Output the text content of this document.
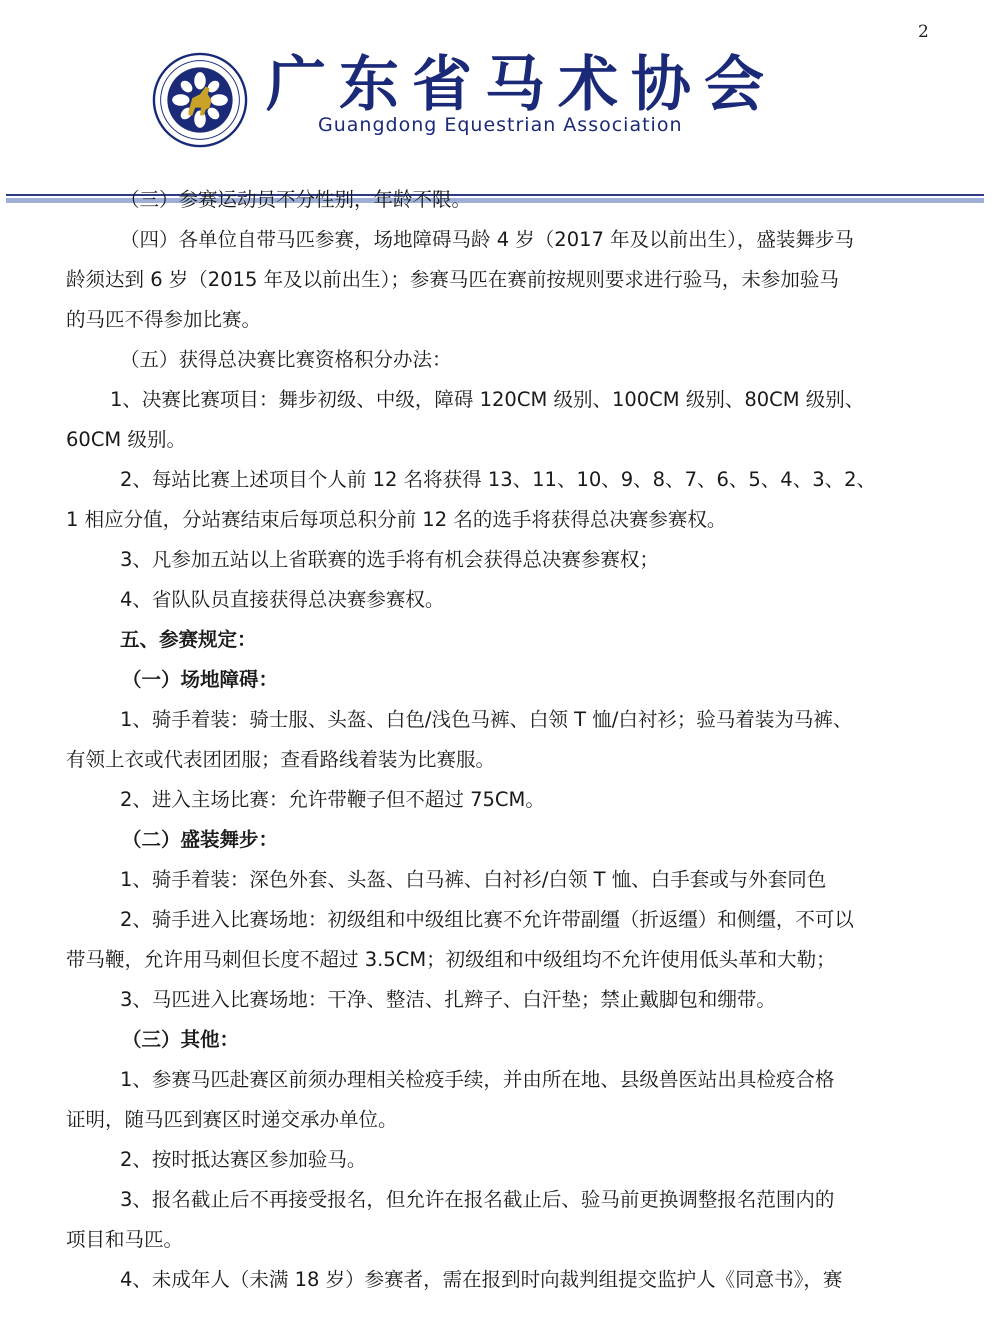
2
广东省马术协会
Guangdong Equestrian Association

（三）参赛运动员不分性别，年龄不限。

（四）各单位自带马匹参赛，场地障碍马龄 4 岁（2017 年及以前出生），盛装舞步马

龄须达到 6 岁（2015 年及以前出生）；参赛马匹在赛前按规则要求进行验马，未参加验马

的马匹不得参加比赛。

（五）获得总决赛比赛资格积分办法：

1、决赛比赛项目：舞步初级、中级，障碍 120CM 级别、100CM 级别、80CM 级别、

60CM 级别。

2、每站比赛上述项目个人前 12 名将获得 13、11、10、9、8、7、6、5、4、3、2、

1 相应分值，分站赛结束后每项总积分前 12 名的选手将获得总决赛参赛权。

3、凡参加五站以上省联赛的选手将有机会获得总决赛参赛权；

4、省队队员直接获得总决赛参赛权。

五、参赛规定：

（一）场地障碍：

1、骑手着装：骑士服、头盔、白色/浅色马裤、白领 T 恤/白衬衫；验马着装为马裤、

有领上衣或代表团团服；查看路线着装为比赛服。

2、进入主场比赛：允许带鞭子但不超过 75CM。

（二）盛装舞步：

1、骑手着装：深色外套、头盔、白马裤、白衬衫/白领 T 恤、白手套或与外套同色

2、骑手进入比赛场地：初级组和中级组比赛不允许带副缰（折返缰）和侧缰，不可以

带马鞭，允许用马刺但长度不超过 3.5CM；初级组和中级组均不允许使用低头革和大勒；

3、马匹进入比赛场地：干净、整洁、扎辫子、白汗垫；禁止戴脚包和绷带。

（三）其他：

1、参赛马匹赴赛区前须办理相关检疫手续，并由所在地、县级兽医站出具检疫合格

证明，随马匹到赛区时递交承办单位。

2、按时抵达赛区参加验马。

3、报名截止后不再接受报名，但允许在报名截止后、验马前更换调整报名范围内的

项目和马匹。

4、未成年人（未满 18 岁）参赛者，需在报到时向裁判组提交监护人《同意书》，赛
